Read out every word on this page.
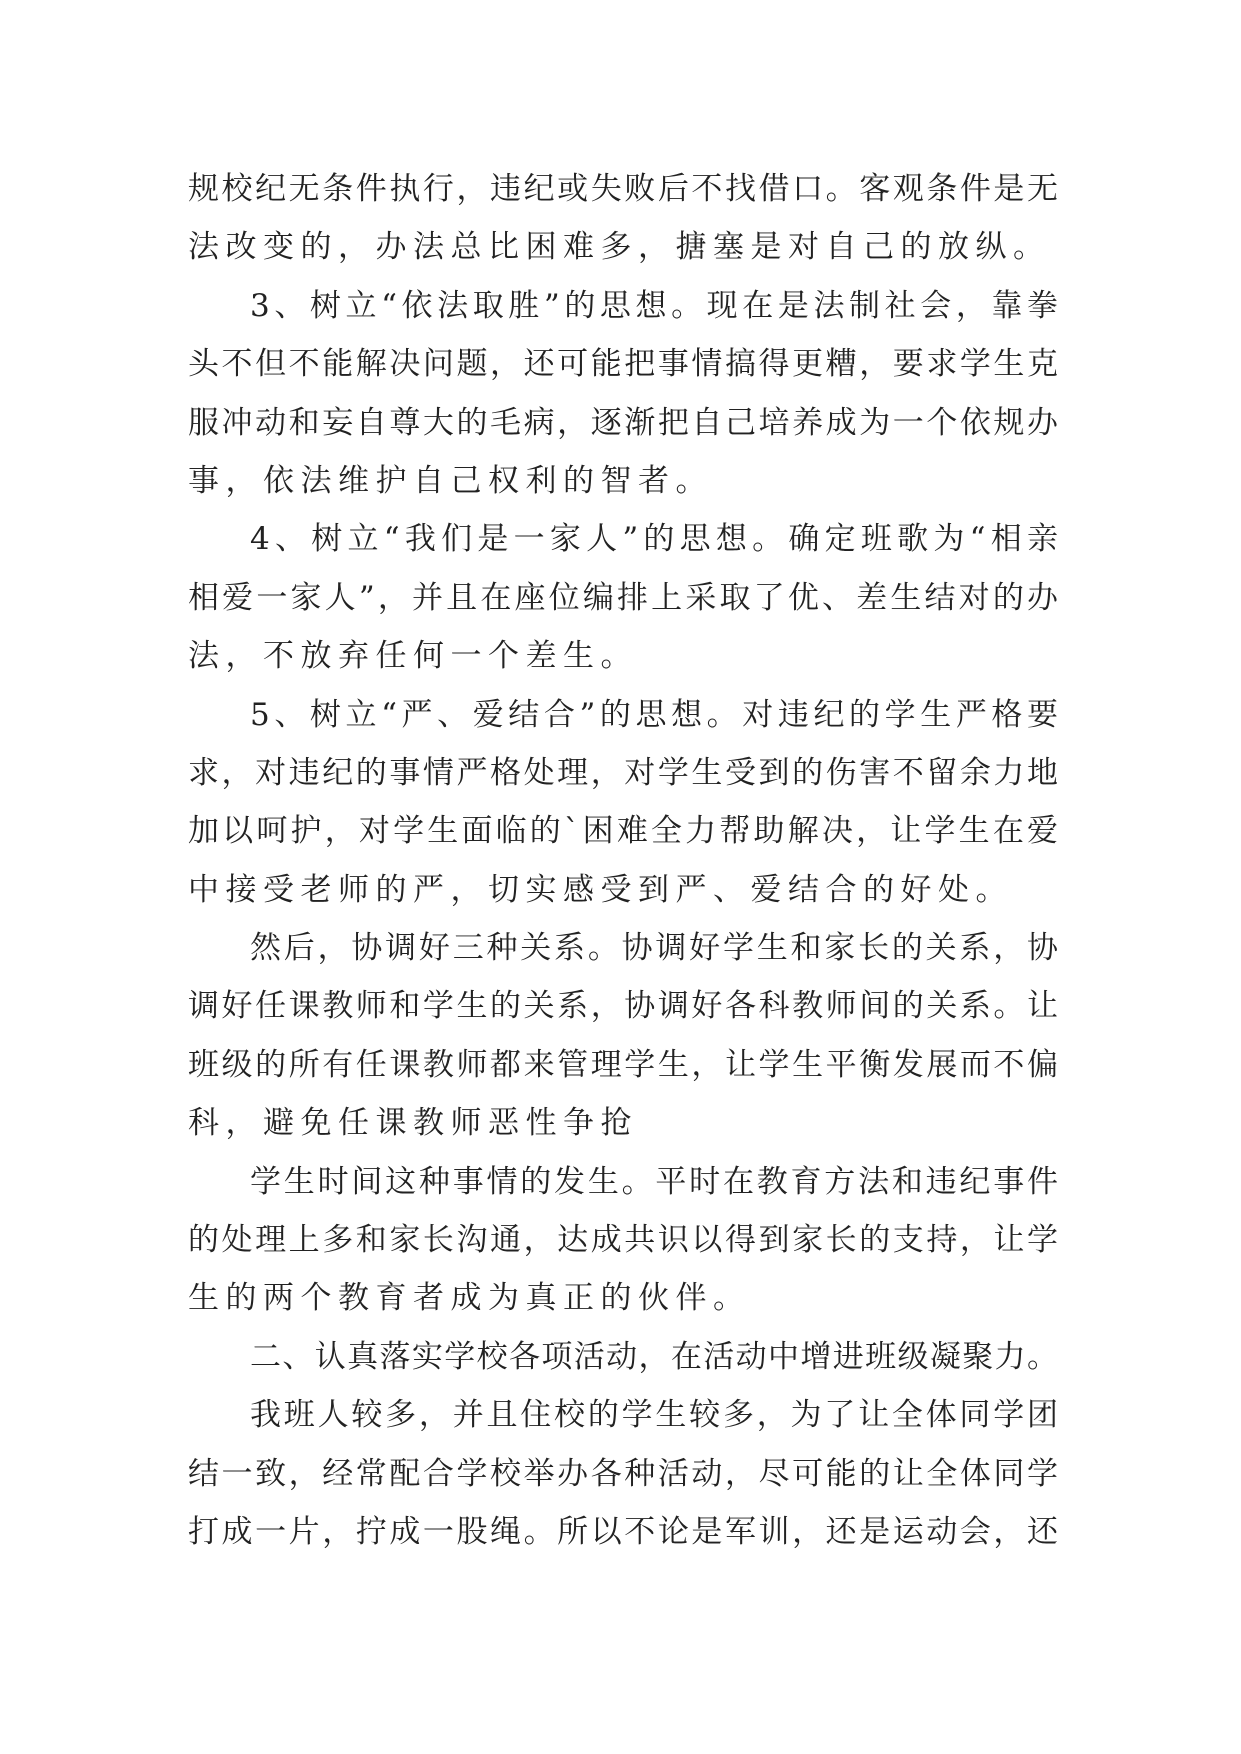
规校纪无条件执行，违纪或失败后不找借口。客观条件是无
法改变的，办法总比困难多，搪塞是对自己的放纵。
3、树立“依法取胜”的思想。现在是法制社会，靠拳
头不但不能解决问题，还可能把事情搞得更糟，要求学生克
服冲动和妄自尊大的毛病，逐渐把自己培养成为一个依规办
事，依法维护自己权利的智者。
4、树立“我们是一家人”的思想。确定班歌为“相亲
相爱一家人”，并且在座位编排上采取了优、差生结对的办
法，不放弃任何一个差生。
5、树立“严、爱结合”的思想。对违纪的学生严格要
求，对违纪的事情严格处理，对学生受到的伤害不留余力地
加以呵护，对学生面临的`困难全力帮助解决，让学生在爱
中接受老师的严，切实感受到严、爱结合的好处。
然后，协调好三种关系。协调好学生和家长的关系，协
调好任课教师和学生的关系，协调好各科教师间的关系。让
班级的所有任课教师都来管理学生，让学生平衡发展而不偏
科，避免任课教师恶性争抢
学生时间这种事情的发生。平时在教育方法和违纪事件
的处理上多和家长沟通，达成共识以得到家长的支持，让学
生的两个教育者成为真正的伙伴。
二、认真落实学校各项活动，在活动中增进班级凝聚力。
我班人较多，并且住校的学生较多，为了让全体同学团
结一致，经常配合学校举办各种活动，尽可能的让全体同学
打成一片，拧成一股绳。所以不论是军训，还是运动会，还
